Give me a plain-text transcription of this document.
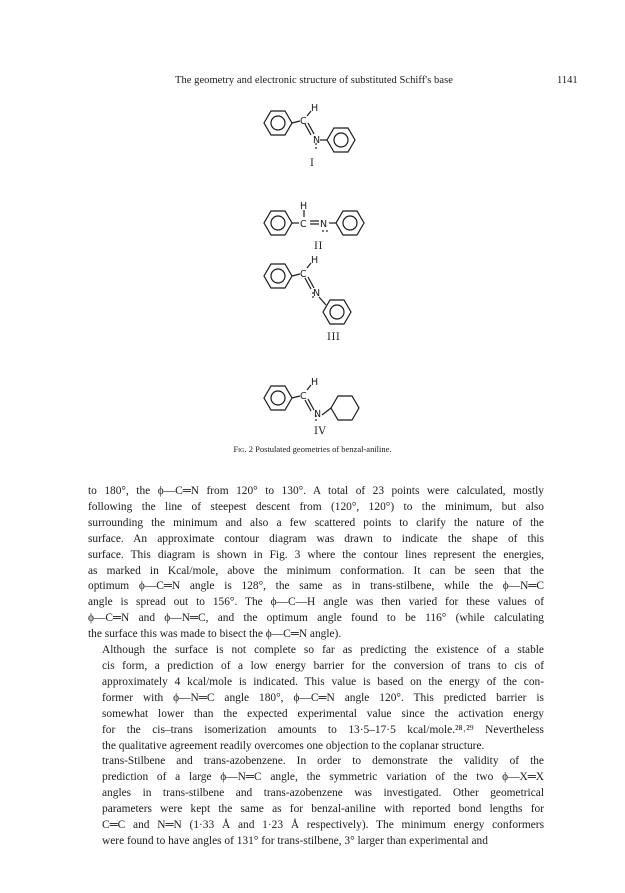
The geometry and electronic structure of substituted Schiff's base	1141
H
C
N
H
C N
H
C
N
H
C
N
I
II
III
IV
Fig. 2 Postulated geometries of benzal-aniline.

to 180°, the ϕ—C═N from 120° to 130°. A total of 23 points were calculated, mostly
following the line of steepest descent from (120°, 120°) to the minimum, but also
surrounding the minimum and also a few scattered points to clarify the nature of the
surface. An approximate contour diagram was drawn to indicate the shape of this
surface. This diagram is shown in Fig. 3 where the contour lines represent the energies,
as marked in Kcal/mole, above the minimum conformation. It can be seen that the
optimum ϕ—C═N angle is 128°, the same as in trans-stilbene, while the ϕ—N═C
angle is spread out to 156°. The ϕ—C—H angle was then varied for these values of
ϕ—C═N and ϕ—N═C, and the optimum angle found to be 116° (while calculating
the surface this was made to bisect the ϕ—C═N angle).

Although the surface is not complete so far as predicting the existence of a stable
cis form, a prediction of a low energy barrier for the conversion of trans to cis of
approximately 4 kcal/mole is indicated. This value is based on the energy of the con-
former with ϕ—N═C angle 180°, ϕ—C═N angle 120°. This predicted barrier is
somewhat lower than the expected experimental value since the activation energy
for the cis–trans isomerization amounts to 13·5–17·5 kcal/mole.²⁸˒²⁹ Nevertheless
the qualitative agreement readily overcomes one objection to the coplanar structure.

trans-Stilbene and trans-azobenzene. In order to demonstrate the validity of the
prediction of a large ϕ—N═C angle, the symmetric variation of the two ϕ—X═X
angles in trans-stilbene and trans-azobenzene was investigated. Other geometrical
parameters were kept the same as for benzal-aniline with reported bond lengths for
C═C and N═N (1·33 Å and 1·23 Å respectively). The minimum energy conformers
were found to have angles of 131° for trans-stilbene, 3° larger than experimental and
